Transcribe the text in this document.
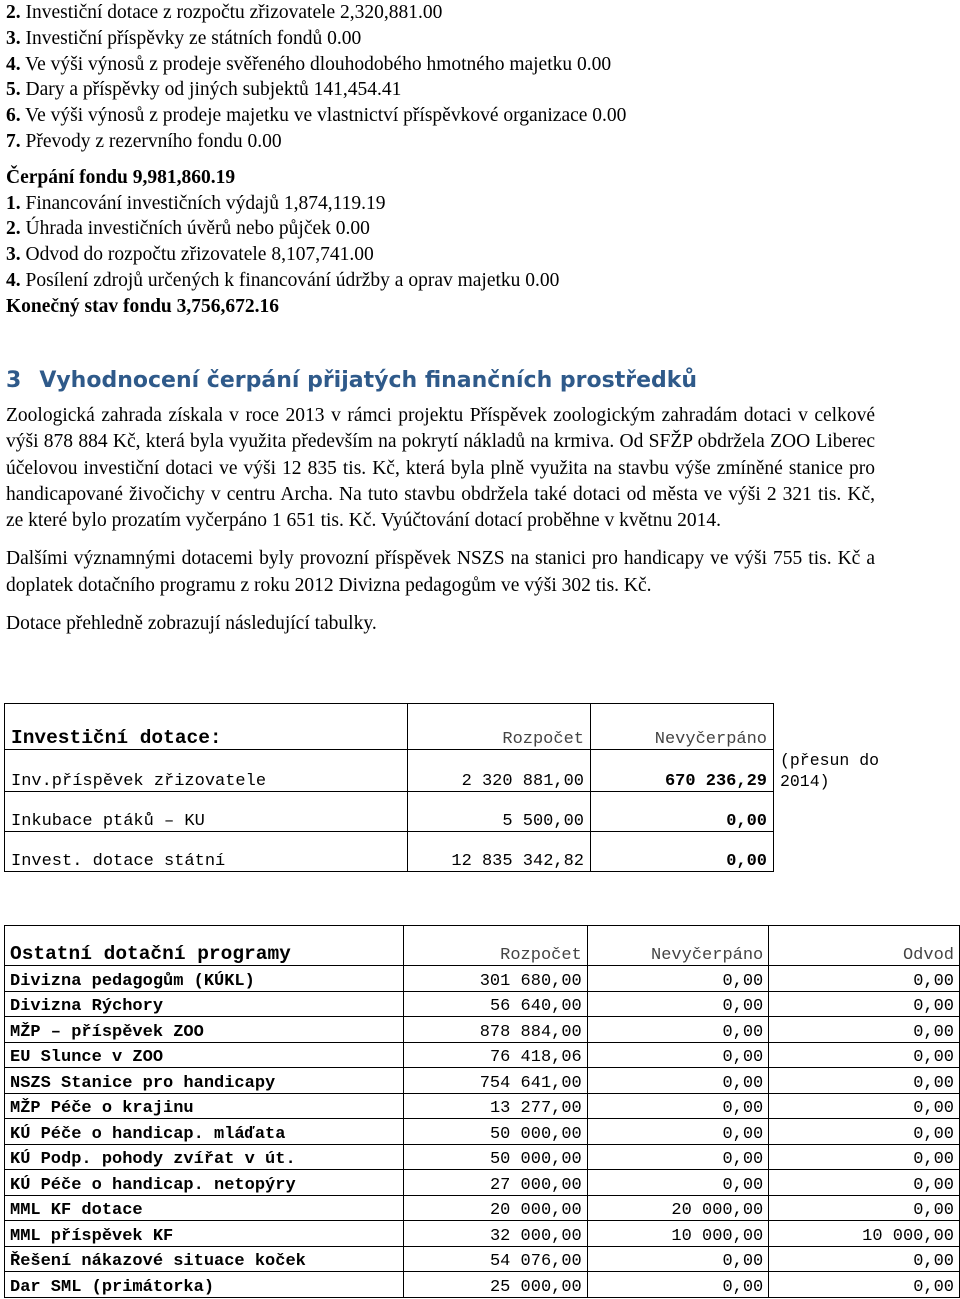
2. Investiční dotace z rozpočtu zřizovatele 2,320,881.00
3. Investiční příspěvky ze státních fondů 0.00
4. Ve výši výnosů z prodeje svěřeného dlouhodobého hmotného majetku 0.00
5. Dary a příspěvky od jiných subjektů 141,454.41
6. Ve výši výnosů z prodeje majetku ve vlastnictví příspěvkové organizace 0.00
7. Převody z rezervního fondu 0.00
Čerpání fondu 9,981,860.19
1. Financování investičních výdajů 1,874,119.19
2. Úhrada investičních úvěrů nebo půjček 0.00
3. Odvod do rozpočtu zřizovatele 8,107,741.00
4. Posílení zdrojů určených k financování údržby a oprav majetku 0.00
Konečný stav fondu 3,756,672.16
3 Vyhodnocení čerpání přijatých finančních prostředků

Zoologická zahrada získala v roce 2013 v rámci projektu Příspěvek zoologickým zahradám dotaci v celkové výši 878 884 Kč, která byla využita především na pokrytí nákladů na krmiva. Od SFŽP obdržela ZOO Liberec účelovou investiční dotaci ve výši 12 835 tis. Kč, která byla plně využita na stavbu výše zmíněné stanice pro handicapované živočichy v centru Archa. Na tuto stavbu obdržela také dotaci od města ve výši 2 321 tis. Kč, ze které bylo prozatím vyčerpáno 1 651 tis. Kč. Vyúčtování dotací proběhne v květnu 2014.

Dalšími významnými dotacemi byly provozní příspěvek NSZS na stanici pro handicapy ve výši 755 tis. Kč a doplatek dotačního programu z roku 2012 Divizna pedagogům ve výši 302 tis. Kč.

Dotace přehledně zobrazují následující tabulky.

Investiční dotace:	Rozpočet	Nevyčerpáno	
Inv.příspěvek zřizovatele	2 320 881,00	670 236,29	(přesun do 2014)
Inkubace ptáků – KU	5 500,00	0,00	
Invest. dotace státní	12 835 342,82	0,00	
Ostatní dotační programy	Rozpočet	Nevyčerpáno	Odvod
Divizna pedagogům (KÚKL)	301 680,00	0,00	0,00
Divizna Rýchory	56 640,00	0,00	0,00
MŽP – příspěvek ZOO	878 884,00	0,00	0,00
EU Slunce v ZOO	76 418,06	0,00	0,00
NSZS Stanice pro handicapy	754 641,00	0,00	0,00
MŽP Péče o krajinu	13 277,00	0,00	0,00
KÚ Péče o handicap. mláďata	50 000,00	0,00	0,00
KÚ Podp. pohody zvířat v út.	50 000,00	0,00	0,00
KÚ Péče o handicap. netopýry	27 000,00	0,00	0,00
MML KF dotace	20 000,00	20 000,00	0,00
MML příspěvek KF	32 000,00	10 000,00	10 000,00
Řešení nákazové situace koček	54 076,00	0,00	0,00
Dar SML (primátorka)	25 000,00	0,00	0,00
